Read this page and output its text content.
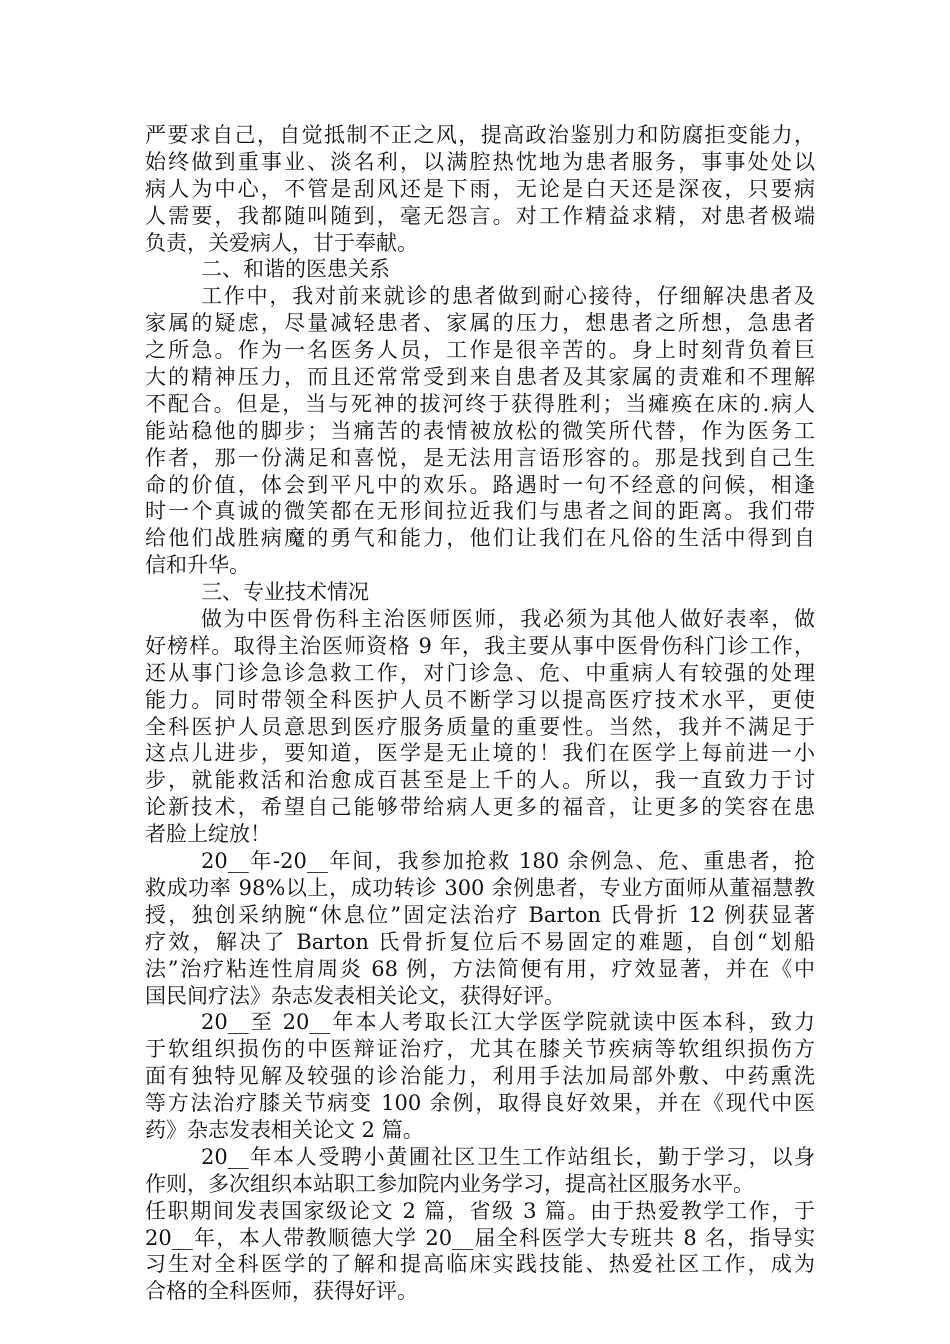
严要求自己，自觉抵制不正之风，提高政治鉴别力和防腐拒变能力，
始终做到重事业、淡名利，以满腔热忱地为患者服务，事事处处以
病人为中心，不管是刮风还是下雨，无论是白天还是深夜，只要病
人需要，我都随叫随到，毫无怨言。对工作精益求精，对患者极端
负责，关爱病人，甘于奉献。
二、和谐的医患关系
工作中，我对前来就诊的患者做到耐心接待，仔细解决患者及
家属的疑虑，尽量减轻患者、家属的压力，想患者之所想，急患者
之所急。作为一名医务人员，工作是很辛苦的。身上时刻背负着巨
大的精神压力，而且还常常受到来自患者及其家属的责难和不理解
不配合。但是，当与死神的拔河终于获得胜利；当瘫痪在床的.病人
能站稳他的脚步；当痛苦的表情被放松的微笑所代替，作为医务工
作者，那一份满足和喜悦，是无法用言语形容的。那是找到自己生
命的价值，体会到平凡中的欢乐。路遇时一句不经意的问候，相逢
时一个真诚的微笑都在无形间拉近我们与患者之间的距离。我们带
给他们战胜病魔的勇气和能力，他们让我们在凡俗的生活中得到自
信和升华。
三、专业技术情况
做为中医骨伤科主治医师医师，我必须为其他人做好表率，做
好榜样。取得主治医师资格 9 年，我主要从事中医骨伤科门诊工作，
还从事门诊急诊急救工作，对门诊急、危、中重病人有较强的处理
能力。同时带领全科医护人员不断学习以提高医疗技术水平，更使
全科医护人员意思到医疗服务质量的重要性。当然，我并不满足于
这点儿进步，要知道，医学是无止境的！我们在医学上每前进一小
步，就能救活和治愈成百甚至是上千的人。所以，我一直致力于讨
论新技术，希望自己能够带给病人更多的福音，让更多的笑容在患
者脸上绽放！
20__年-20__年间，我参加抢救 180 余例急、危、重患者，抢
救成功率 98%以上，成功转诊 300 余例患者，专业方面师从董福慧教
授，独创采纳腕“休息位”固定法治疗 Barton 氏骨折 12 例获显著
疗效，解决了 Barton 氏骨折复位后不易固定的难题，自创“划船
法”治疗粘连性肩周炎 68 例，方法简便有用，疗效显著，并在《中
国民间疗法》杂志发表相关论文，获得好评。
20__至 20__年本人考取长江大学医学院就读中医本科，致力
于软组织损伤的中医辩证治疗，尤其在膝关节疾病等软组织损伤方
面有独特见解及较强的诊治能力，利用手法加局部外敷、中药熏洗
等方法治疗膝关节病变 100 余例，取得良好效果，并在《现代中医
药》杂志发表相关论文 2 篇。
20__年本人受聘小黄圃社区卫生工作站组长，勤于学习，以身
作则，多次组织本站职工参加院内业务学习，提高社区服务水平。
任职期间发表国家级论文 2 篇，省级 3 篇。由于热爱教学工作，于
20__年，本人带教顺德大学 20__届全科医学大专班共 8 名，指导实
习生对全科医学的了解和提高临床实践技能、热爱社区工作，成为
合格的全科医师，获得好评。
